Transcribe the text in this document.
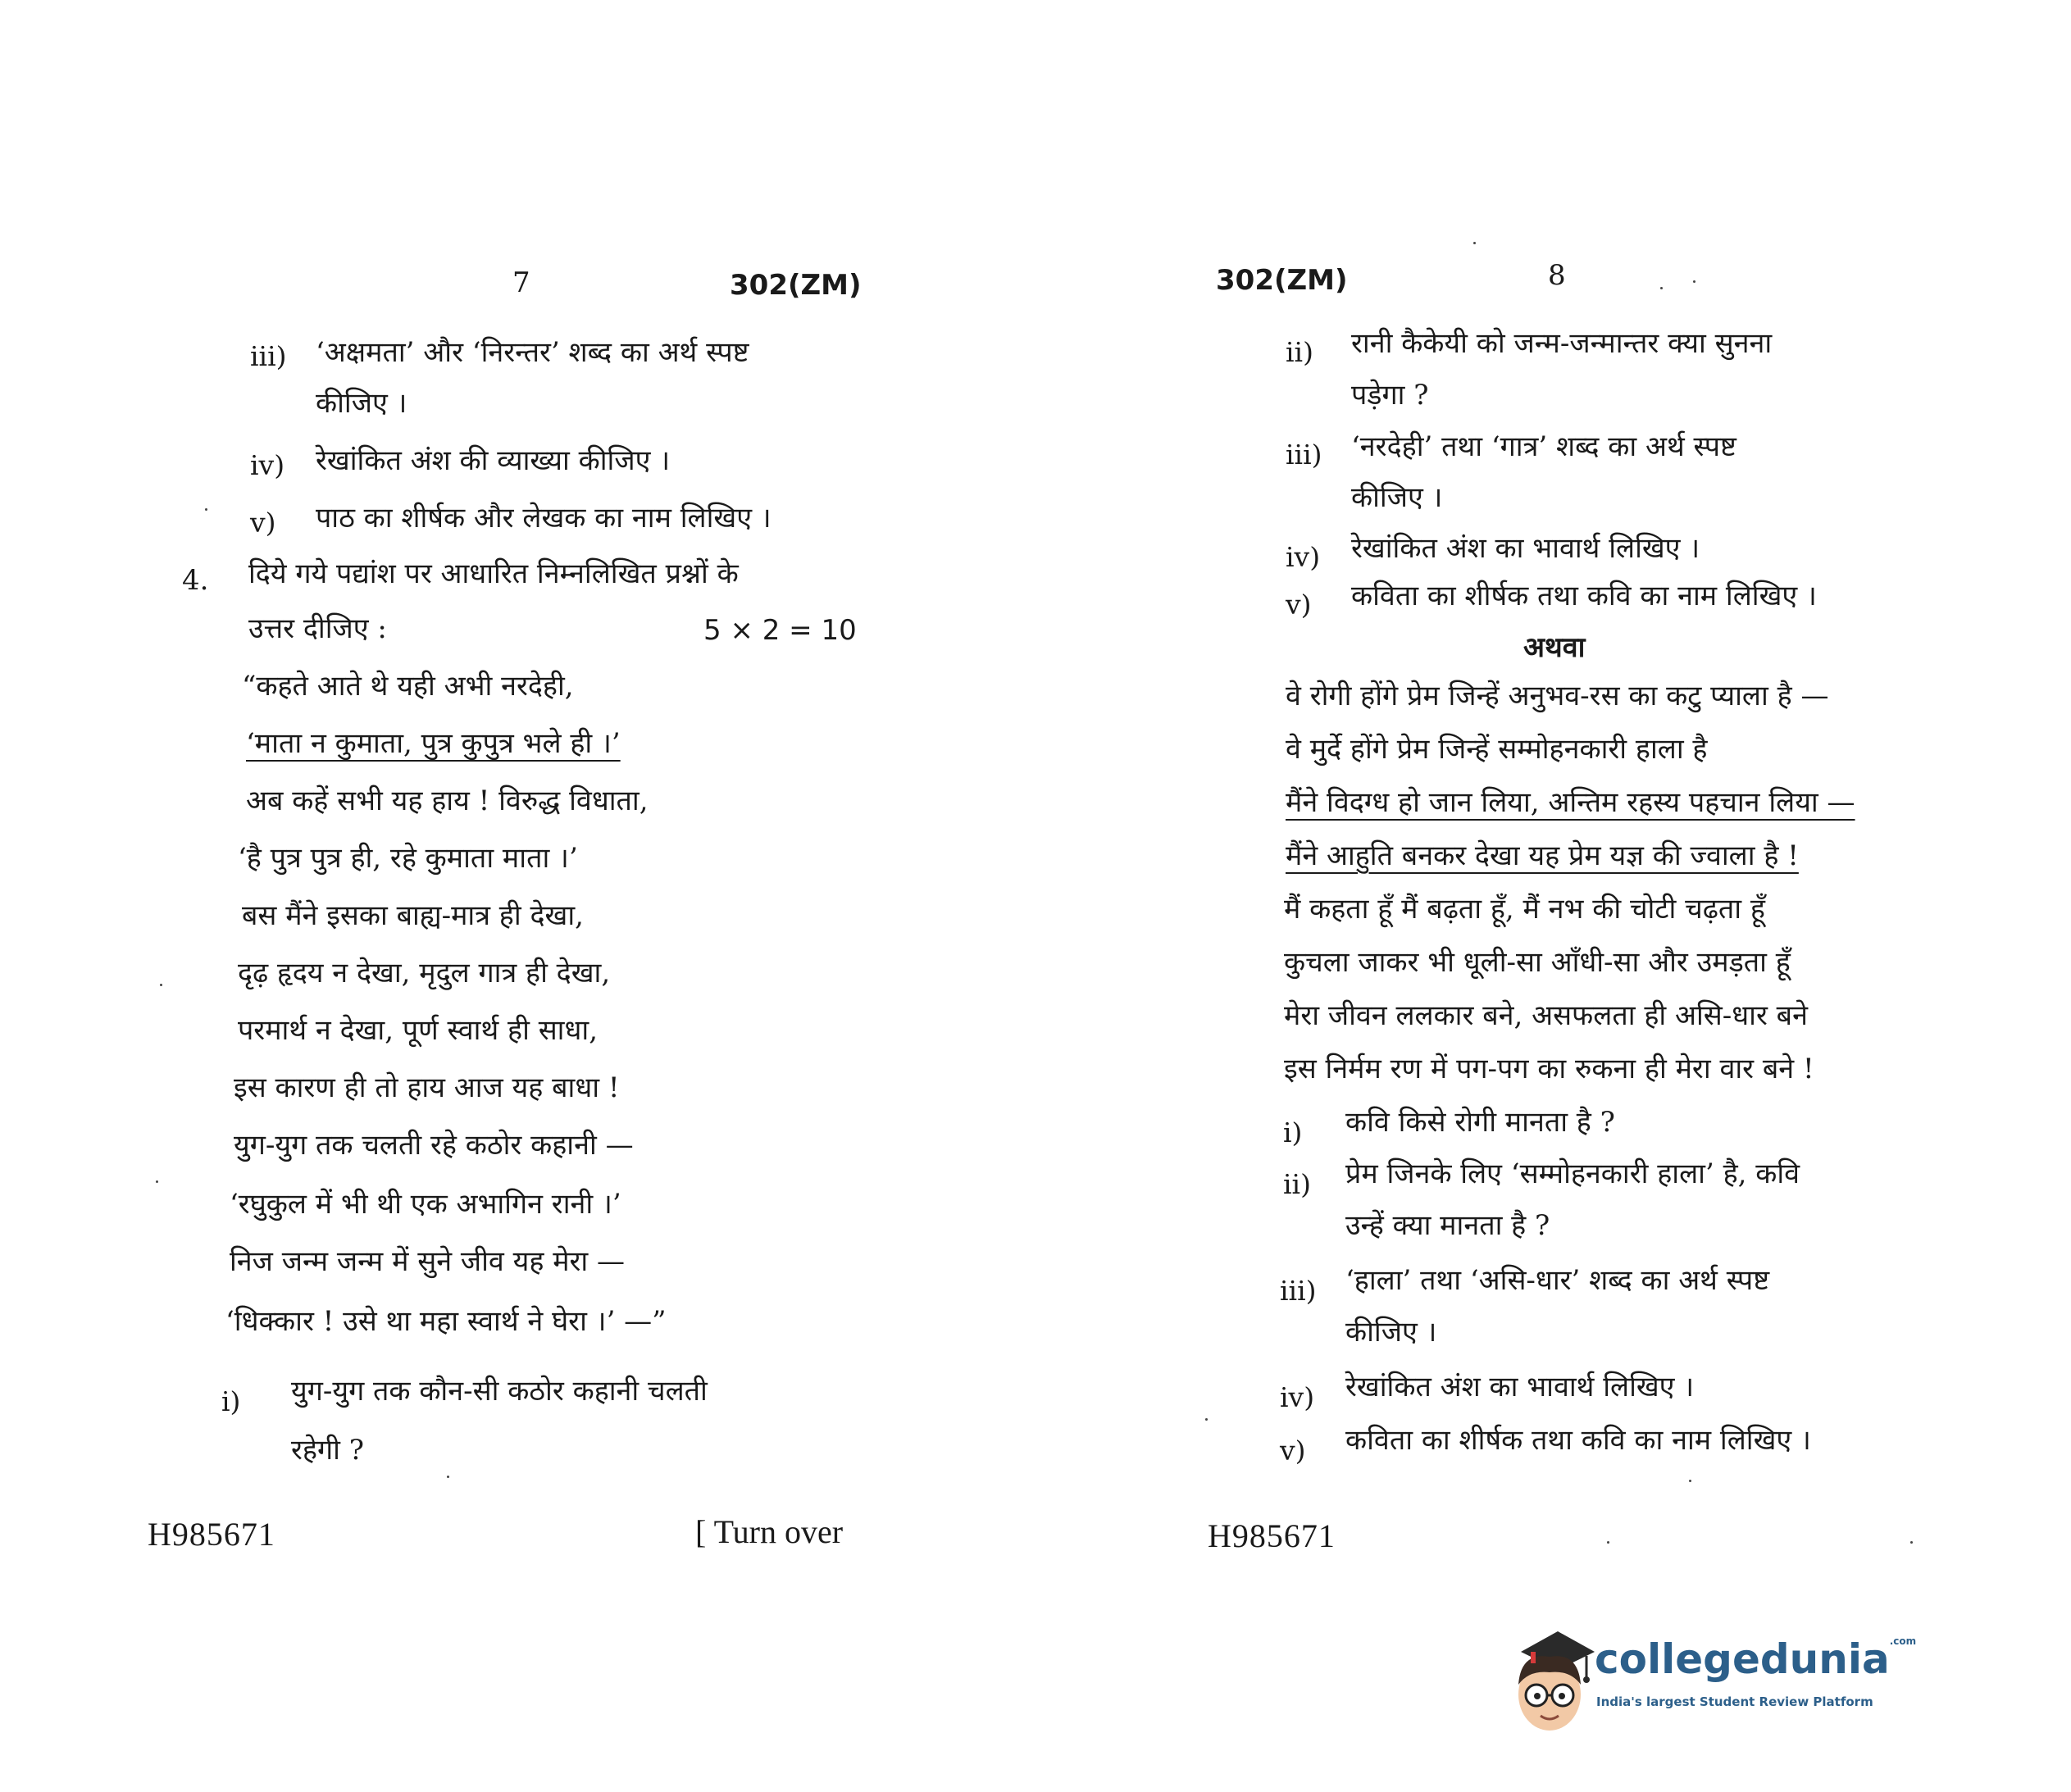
7	302(ZM)
iii) ‘अक्षमता’ और ‘निरन्तर’ शब्द का अर्थ स्पष्ट
कीजिए ।
iv) रेखांकित अंश की व्याख्या कीजिए ।
v) पाठ का शीर्षक और लेखक का नाम लिखिए ।
4. दिये गये पद्यांश पर आधारित निम्नलिखित प्रश्नों के
उत्तर दीजिए :	5 × 2 = 10
“कहते आते थे यही अभी नरदेही,
‘माता न कुमाता, पुत्र कुपुत्र भले ही ।’
अब कहें सभी यह हाय ! विरुद्ध विधाता,
‘है पुत्र पुत्र ही, रहे कुमाता माता ।’
बस मैंने इसका बाह्य-मात्र ही देखा,
दृढ़ हृदय न देखा, मृदुल गात्र ही देखा,
परमार्थ न देखा, पूर्ण स्वार्थ ही साधा,
इस कारण ही तो हाय आज यह बाधा !
युग-युग तक चलती रहे कठोर कहानी —
‘रघुकुल में भी थी एक अभागिन रानी ।’
निज जन्म जन्म में सुने जीव यह मेरा —
‘धिक्कार ! उसे था महा स्वार्थ ने घेरा ।’ —”
i) युग-युग तक कौन-सी कठोर कहानी चलती
रहेगी ?
H985671	[ Turn over
302(ZM)	8
ii) रानी कैकेयी को जन्म-जन्मान्तर क्या सुनना
पड़ेगा ?
iii) ‘नरदेही’ तथा ‘गात्र’ शब्द का अर्थ स्पष्ट
कीजिए ।
iv) रेखांकित अंश का भावार्थ लिखिए ।
v) कविता का शीर्षक तथा कवि का नाम लिखिए ।
अथवा
वे रोगी होंगे प्रेम जिन्हें अनुभव-रस का कटु प्याला है —
वे मुर्दे होंगे प्रेम जिन्हें सम्मोहनकारी हाला है
मैंने विदग्ध हो जान लिया, अन्तिम रहस्य पहचान लिया —
मैंने आहुति बनकर देखा यह प्रेम यज्ञ की ज्वाला है !
मैं कहता हूँ मैं बढ़ता हूँ, मैं नभ की चोटी चढ़ता हूँ
कुचला जाकर भी धूली-सा आँधी-सा और उमड़ता हूँ
मेरा जीवन ललकार बने, असफलता ही असि-धार बने
इस निर्मम रण में पग-पग का रुकना ही मेरा वार बने !
i) कवि किसे रोगी मानता है ?
ii) प्रेम जिनके लिए ‘सम्मोहनकारी हाला’ है, कवि
उन्हें क्या मानता है ?
iii) ‘हाला’ तथा ‘असि-धार’ शब्द का अर्थ स्पष्ट
कीजिए ।
iv) रेखांकित अंश का भावार्थ लिखिए ।
v) कविता का शीर्षक तथा कवि का नाम लिखिए ।
H985671
collegedunia$^{.com}$
India's largest Student Review Platform
